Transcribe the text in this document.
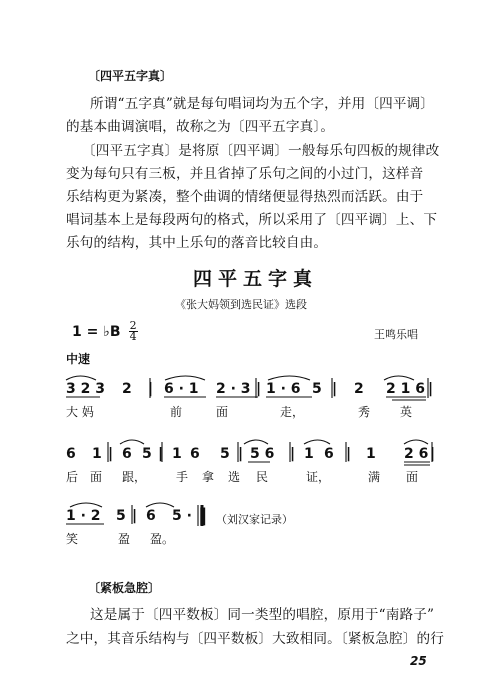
〔四平五字真〕
所谓“五字真”就是每句唱词均为五个字，并用〔四平调〕
的基本曲调演唱，故称之为〔四平五字真〕。
〔四平五字真〕是将原〔四平调〕一般每乐句四板的规律改
变为每句只有三板，并且省掉了乐句之间的小过门，这样音
乐结构更为紧凑，整个曲调的情绪便显得热烈而活跃。由于
唱词基本上是每段两句的格式，所以采用了〔四平调〕上、下
乐句的结构，其中上乐句的落音比较自由。
四平五字真
《张大妈领到选民证》选段
1 = ♭B $\frac{2}{4}$	王鸣乐唱
中速
3 2 3 2 | 6 · 1 2 · 3 | 1 · 6 5 | 2 2 1 6 |
大 妈	前	面	走，	秀 英
6 1 | 6 5 | 1 6 5 | 5 6 | 1 6 | 1 2 6 |
后 面 跟， 手 拿 选 民	证，	满 面
1 · 2 5 | 6 5 · ‖ （刘汉家记录）
笑	盈 盈。
〔紧板急腔〕
这是属于〔四平数板〕同一类型的唱腔，原用于“南路子”
之中，其音乐结构与〔四平数板〕大致相同。〔紧板急腔〕的行
25
